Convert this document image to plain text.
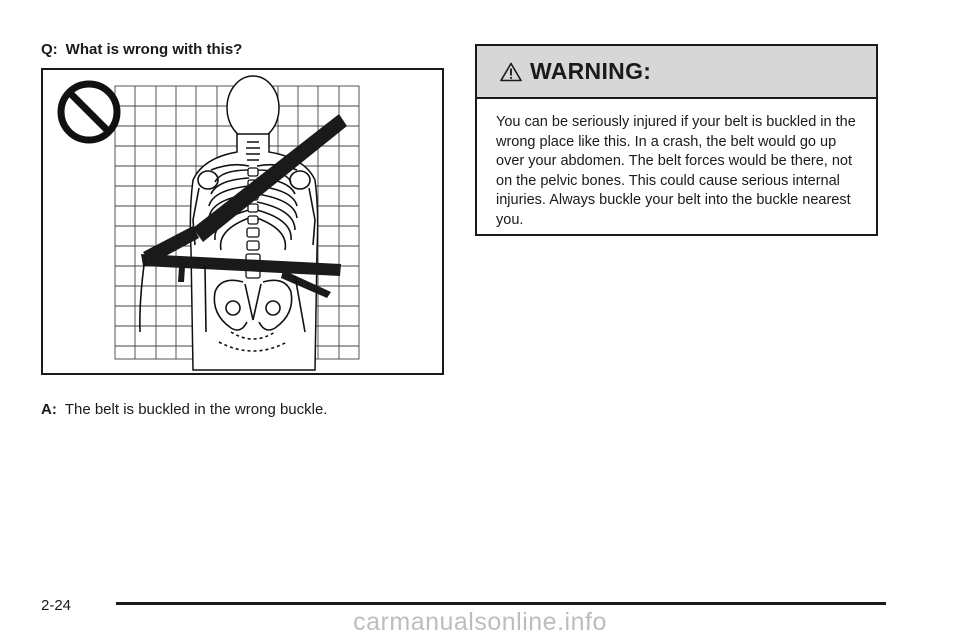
Q: What is wrong with this?

A: The belt is buckled in the wrong buckle.

WARNING:

You can be seriously injured if your belt is buckled in the wrong place like this. In a crash, the belt would go up over your abdomen. The belt forces would be there, not on the pelvic bones. This could cause serious internal injuries. Always buckle your belt into the buckle nearest you.

2-24
carmanualsonline.info
